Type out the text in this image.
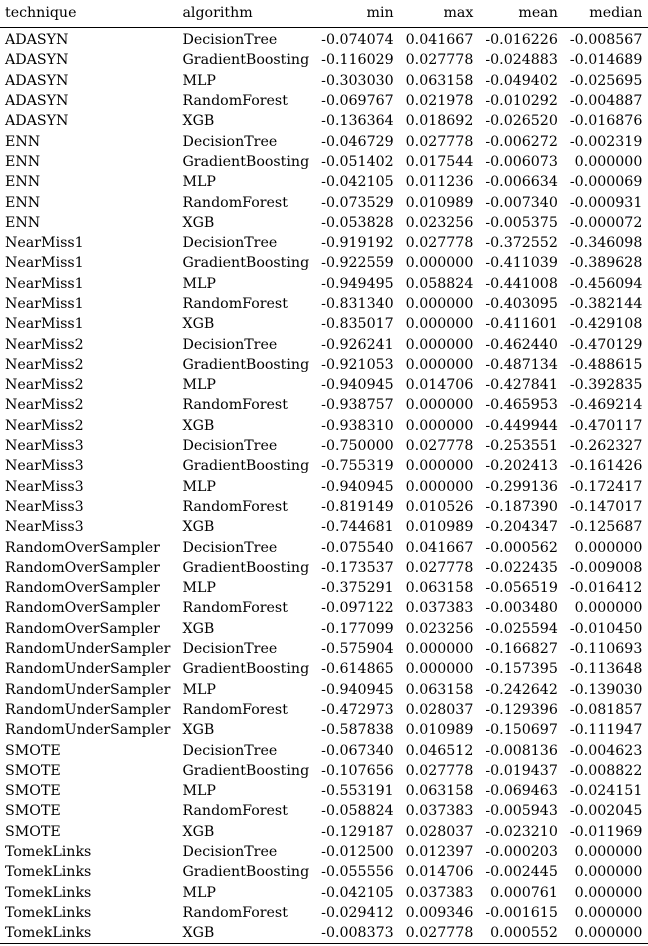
technique	algorithm	min	max	mean	median
ADASYN	DecisionTree	-0.074074	0.041667	-0.016226	-0.008567
ADASYN	GradientBoosting	-0.116029	0.027778	-0.024883	-0.014689
ADASYN	MLP	-0.303030	0.063158	-0.049402	-0.025695
ADASYN	RandomForest	-0.069767	0.021978	-0.010292	-0.004887
ADASYN	XGB	-0.136364	0.018692	-0.026520	-0.016876
ENN	DecisionTree	-0.046729	0.027778	-0.006272	-0.002319
ENN	GradientBoosting	-0.051402	0.017544	-0.006073	0.000000
ENN	MLP	-0.042105	0.011236	-0.006634	-0.000069
ENN	RandomForest	-0.073529	0.010989	-0.007340	-0.000931
ENN	XGB	-0.053828	0.023256	-0.005375	-0.000072
NearMiss1	DecisionTree	-0.919192	0.027778	-0.372552	-0.346098
NearMiss1	GradientBoosting	-0.922559	0.000000	-0.411039	-0.389628
NearMiss1	MLP	-0.949495	0.058824	-0.441008	-0.456094
NearMiss1	RandomForest	-0.831340	0.000000	-0.403095	-0.382144
NearMiss1	XGB	-0.835017	0.000000	-0.411601	-0.429108
NearMiss2	DecisionTree	-0.926241	0.000000	-0.462440	-0.470129
NearMiss2	GradientBoosting	-0.921053	0.000000	-0.487134	-0.488615
NearMiss2	MLP	-0.940945	0.014706	-0.427841	-0.392835
NearMiss2	RandomForest	-0.938757	0.000000	-0.465953	-0.469214
NearMiss2	XGB	-0.938310	0.000000	-0.449944	-0.470117
NearMiss3	DecisionTree	-0.750000	0.027778	-0.253551	-0.262327
NearMiss3	GradientBoosting	-0.755319	0.000000	-0.202413	-0.161426
NearMiss3	MLP	-0.940945	0.000000	-0.299136	-0.172417
NearMiss3	RandomForest	-0.819149	0.010526	-0.187390	-0.147017
NearMiss3	XGB	-0.744681	0.010989	-0.204347	-0.125687
RandomOverSampler	DecisionTree	-0.075540	0.041667	-0.000562	0.000000
RandomOverSampler	GradientBoosting	-0.173537	0.027778	-0.022435	-0.009008
RandomOverSampler	MLP	-0.375291	0.063158	-0.056519	-0.016412
RandomOverSampler	RandomForest	-0.097122	0.037383	-0.003480	0.000000
RandomOverSampler	XGB	-0.177099	0.023256	-0.025594	-0.010450
RandomUnderSampler	DecisionTree	-0.575904	0.000000	-0.166827	-0.110693
RandomUnderSampler	GradientBoosting	-0.614865	0.000000	-0.157395	-0.113648
RandomUnderSampler	MLP	-0.940945	0.063158	-0.242642	-0.139030
RandomUnderSampler	RandomForest	-0.472973	0.028037	-0.129396	-0.081857
RandomUnderSampler	XGB	-0.587838	0.010989	-0.150697	-0.111947
SMOTE	DecisionTree	-0.067340	0.046512	-0.008136	-0.004623
SMOTE	GradientBoosting	-0.107656	0.027778	-0.019437	-0.008822
SMOTE	MLP	-0.553191	0.063158	-0.069463	-0.024151
SMOTE	RandomForest	-0.058824	0.037383	-0.005943	-0.002045
SMOTE	XGB	-0.129187	0.028037	-0.023210	-0.011969
TomekLinks	DecisionTree	-0.012500	0.012397	-0.000203	0.000000
TomekLinks	GradientBoosting	-0.055556	0.014706	-0.002445	0.000000
TomekLinks	MLP	-0.042105	0.037383	0.000761	0.000000
TomekLinks	RandomForest	-0.029412	0.009346	-0.001615	0.000000
TomekLinks	XGB	-0.008373	0.027778	0.000552	0.000000
